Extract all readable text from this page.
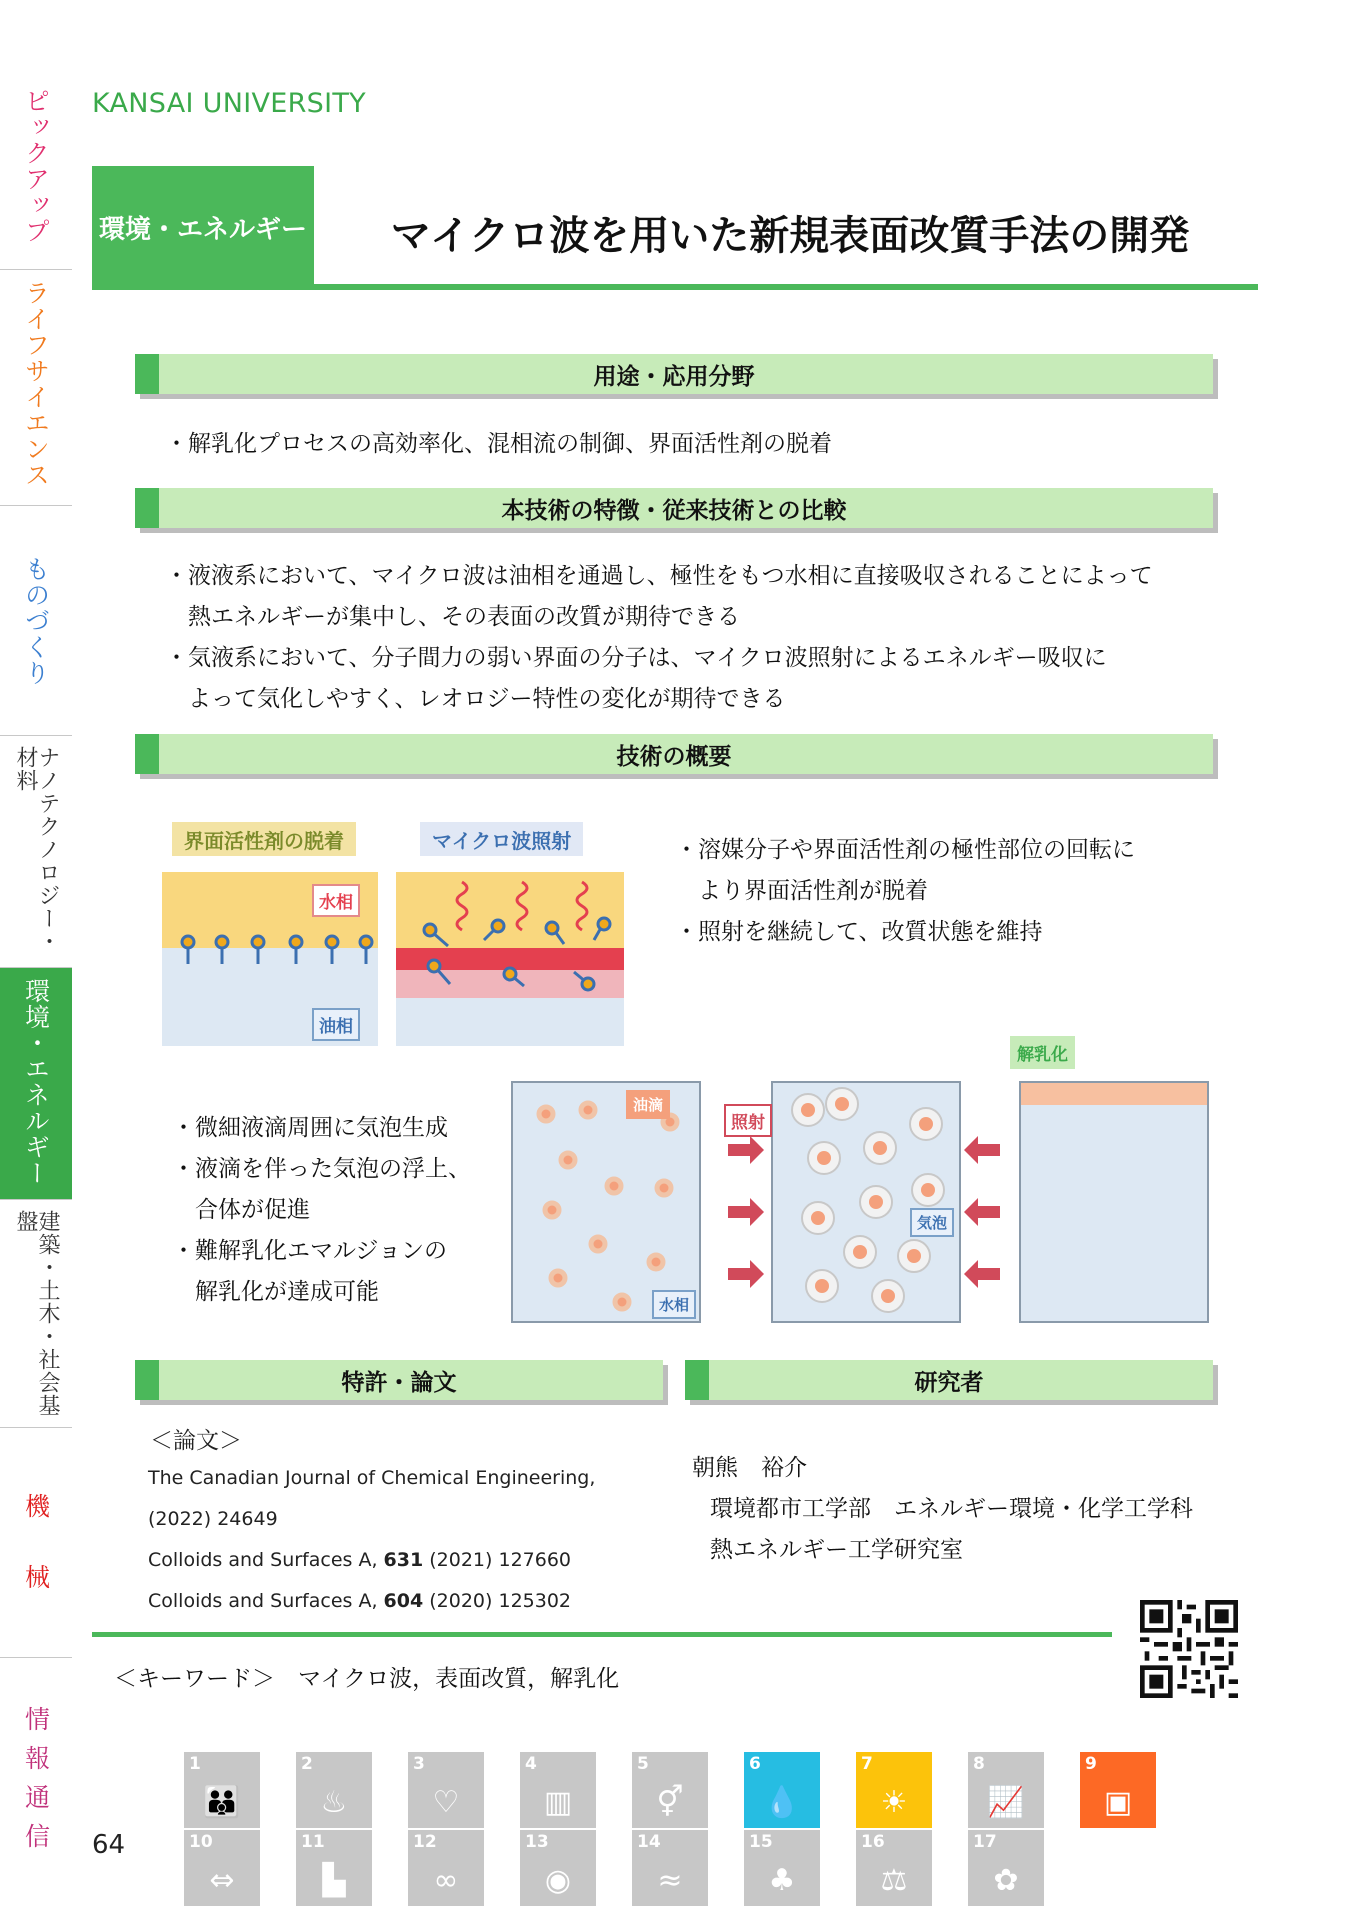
ピックアップ
ライフサイエンス
ものづくり
ナノテクノロジー・材料
環境・エネルギー
建築・土木・社会基盤
機械
情報通信
KANSAI UNIVERSITY
環境・エネルギー	マイクロ波を用いた新規表面改質手法の開発
用途・応用分野
・解乳化プロセスの高効率化、混相流の制御、界面活性剤の脱着
本技術の特徴・従来技術との比較
・液液系において、マイクロ波は油相を通過し、極性をもつ水相に直接吸収されることによって
　熱エネルギーが集中し、その表面の改質が期待できる
・気液系において、分子間力の弱い界面の分子は、マイクロ波照射によるエネルギー吸収に
　よって気化しやすく、レオロジー特性の変化が期待できる
技術の概要
界面活性剤の脱着	マイクロ波照射
水相
油相
・溶媒分子や界面活性剤の極性部位の回転に
　より界面活性剤が脱着
・照射を継続して、改質状態を維持
・微細液滴周囲に気泡生成
・液滴を伴った気泡の浮上、
　合体が促進
・難解乳化エマルジョンの
　解乳化が達成可能
油滴
水相
照射
気泡
解乳化
特許・論文
＜論文＞
The Canadian Journal of Chemical Engineering,
(2022) 24649
Colloids and Surfaces A, 631 (2021) 127660
Colloids and Surfaces A, 604 (2020) 125302
研究者
朝熊　裕介
環境都市工学部　エネルギー環境・化学工学科
熱エネルギー工学研究室
＜キーワード＞　マイクロ波，表面改質，解乳化
64
1
👪
2
♨
3
♡
4
▥
5
⚥
6
💧
7
☀
8
📈
9
▣
10
⇔
11
▙
12
∞
13
◉
14
≈
15
♣
16
⚖
17
✿
